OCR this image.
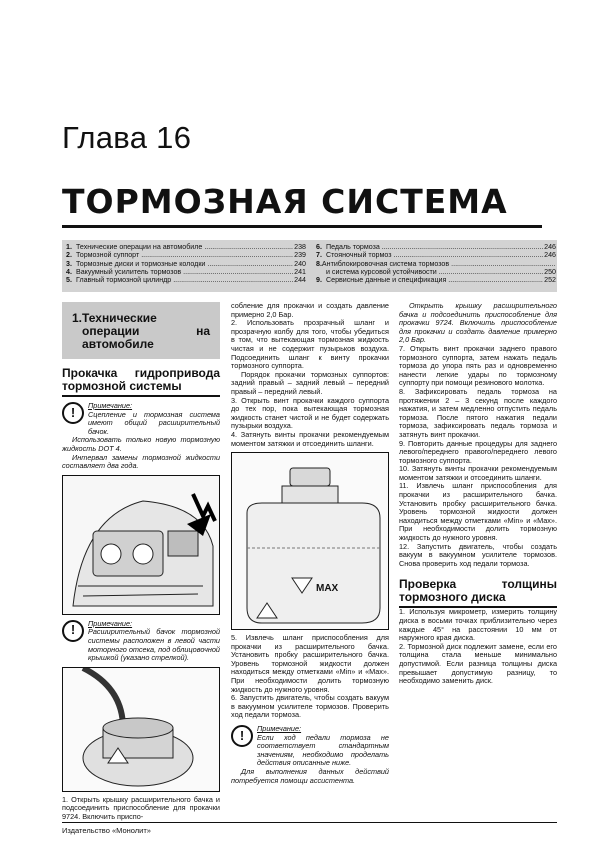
Глава 16
ТОРМОЗНАЯ СИСТЕМА
1. Технические операции на автомобиле .....	238
2. Тормозной суппорт .....	239
3. Тормозные диски и тормозные колодки .....	240
4. Вакуумный усилитель тормозов .....	241
5. Главный тормозной цилиндр .....	244
6. Педаль тормоза .....	246
7. Стояночный тормоз .....	246
8. Антиблокировочная система тормозов .....
и система курсовой устойчивости .....	250
9. Сервисные данные и спецификация .....	252
1. Технические операции на автомобиле
Прокачка гидропривода тормозной системы
!	Примечание:
Сцепление и тормозная система имеют общий расширительный бачок.

Использовать только новую тормозную жидкость DOT 4.

Интервал замены тормозной жидкости составляет два года.

!	Примечание:
Расширительный бачок тормозной системы расположен в левой части моторного отсека, под облицовочной крышкой (указано стрелкой).

1. Открыть крышку расширительного бачка и подсоединить приспособление для прокачки 9724. Включить приспо-

собление для прокачки и создать давление примерно 2,0 Бар.

2. Использовать прозрачный шланг и прозрачную колбу для того, чтобы убедиться в том, что вытекающая тормозная жидкость чистая и не содержит пузырьков воздуха. Подсоединить шланг к винту прокачки тормозного суппорта.

Порядок прокачки тормозных суппортов: задний правый – задний левый – передний правый – передний левый.

3. Открыть винт прокачки каждого суппорта до тех пор, пока вытекающая тормозная жидкость станет чистой и не будет содержать пузырьки воздуха.

4. Затянуть винты прокачки рекомендуемым моментом затяжки и отсоединить шланги.

MAX

5. Извлечь шланг приспособления для прокачки из расширительного бачка. Установить пробку расширительного бачка. Уровень тормозной жидкости должен находиться между отметками «Min» и «Max». При необходимости долить тормозную жидкость до нужного уровня.

6. Запустить двигатель, чтобы создать вакуум в вакуумном усилителе тормозов. Проверить ход педали тормоза.

!	Примечание:
Если ход педали тормоза не соответствует стандартным значениям, необходимо проделать действия описанные ниже.

Для выполнения данных действий потребуется помощи ассистента.

Открыть крышку расширительного бачка и подсоединить приспособление для прокачки 9724. Включить приспособление для прокачки и создать давление примерно 2,0 Бар.

7. Открыть винт прокачки заднего правого тормозного суппорта, затем нажать педаль тормоза до упора пять раз и одновременно нанести легкие удары по тормозному суппорту при помощи резинового молотка.

8. Зафиксировать педаль тормоза на протяжении 2 – 3 секунд после каждого нажатия, и затем медленно отпустить педаль тормоза. После пятого нажатия педали тормоза, зафиксировать педаль тормоза и затянуть винт прокачки.

9. Повторить данные процедуры для заднего левого/переднего правого/переднего левого тормозного суппорта.

10. Затянуть винты прокачки рекомендуемым моментом затяжки и отсоединить шланги.

11. Извлечь шланг приспособления для прокачки из расширительного бачка. Установить пробку расширительного бачка. Уровень тормозной жидкости должен находиться между отметками «Min» и «Max». При необходимости долить тормозную жидкость до нужного уровня.

12. Запустить двигатель, чтобы создать вакуум в вакуумном усилителе тормозов. Снова проверить ход педали тормоза.

Проверка толщины тормозного диска

1. Используя микрометр, измерить толщину диска в восьми точках приблизительно через каждые 45° на расстоянии 10 мм от наружного края диска.

2. Тормозной диск подлежит замене, если его толщина стала меньше минимально допустимой. Если разница толщины диска превышает допустимую разницу, то необходимо заменить диск.

Издательство «Монолит»
